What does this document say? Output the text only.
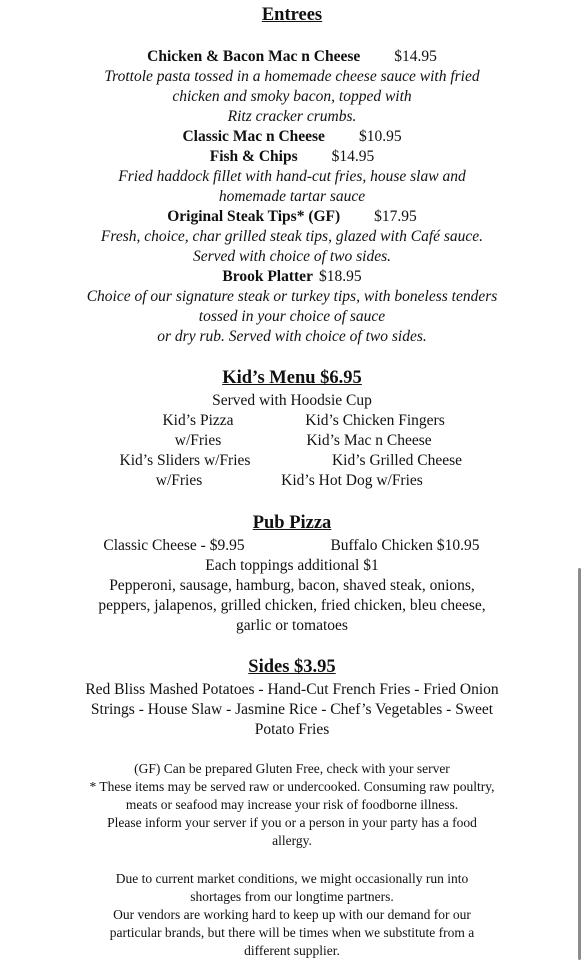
Entrees
Chicken & Bacon Mac n Cheese $14.95
Trottole pasta tossed in a homemade cheese sauce with fried
chicken and smoky bacon, topped with
Ritz cracker crumbs.
Classic Mac n Cheese $10.95
Fish & Chips $14.95
Fried haddock fillet with hand-cut fries, house slaw and
homemade tartar sauce
Original Steak Tips* (GF) $17.95
Fresh, choice, char grilled steak tips, glazed with Café sauce.
Served with choice of two sides.
Brook Platter $18.95
Choice of our signature steak or turkey tips, with boneless tenders
tossed in your choice of sauce
or dry rub. Served with choice of two sides.
Kid’s Menu $6.95
Served with Hoodsie Cup
Kid’s Pizza
w/Fries
Kid’s Sliders w/Fries
w/Fries
Kid’s Chicken Fingers
Kid’s Mac n Cheese
Kid’s Grilled Cheese
Kid’s Hot Dog w/Fries
Pub Pizza
Classic Cheese - $9.95	Buffalo Chicken $10.95
Each toppings additional $1
Pepperoni, sausage, hamburg, bacon, shaved steak, onions,
peppers, jalapenos, grilled chicken, fried chicken, bleu cheese,
garlic or tomatoes
Sides $3.95
Red Bliss Mashed Potatoes - Hand-Cut French Fries - Fried Onion
Strings - House Slaw - Jasmine Rice - Chef’s Vegetables - Sweet
Potato Fries
(GF) Can be prepared Gluten Free, check with your server
* These items may be served raw or undercooked. Consuming raw poultry,
meats or seafood may increase your risk of foodborne illness.
Please inform your server if you or a person in your party has a food
allergy.
Due to current market conditions, we might occasionally run into
shortages from our longtime partners.
Our vendors are working hard to keep up with our demand for our
particular brands, but there will be times when we substitute from a
different supplier.
